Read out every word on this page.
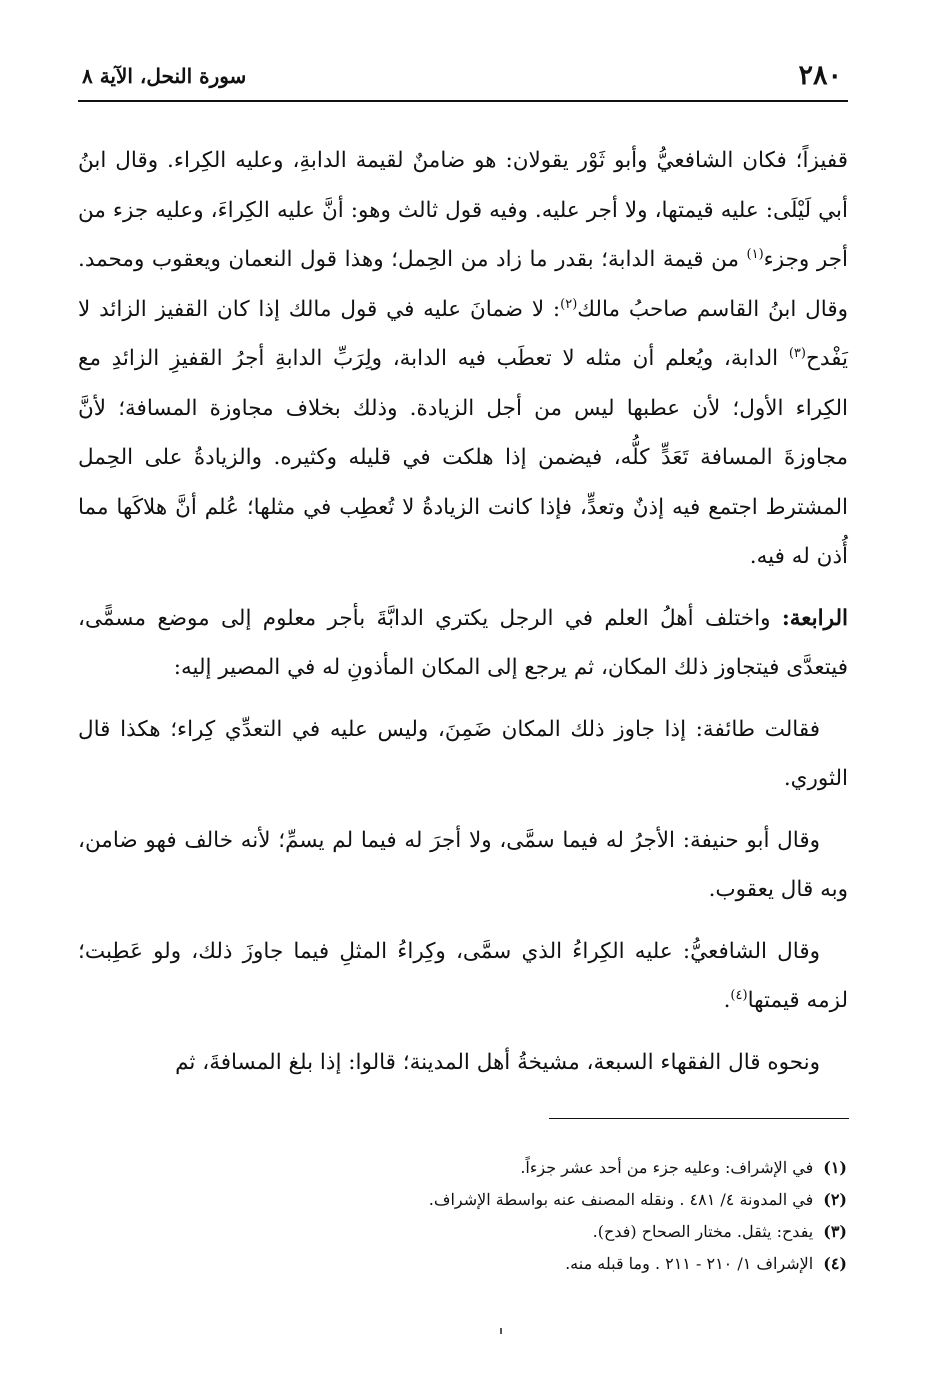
٢٨٠
سورة النحل، الآية ٨

قفيزاً؛ فكان الشافعيُّ وأبو ثَوْر يقولان: هو ضامنٌ لقيمة الدابةِ، وعليه الكِراء. وقال ابنُ أبي لَيْلَى: عليه قيمتها، ولا أجر عليه. وفيه قول ثالث وهو: أنَّ عليه الكِراءَ، وعليه جزء من أجر وجزء$^{(١)}$ من قيمة الدابة؛ بقدر ما زاد من الحِمل؛ وهذا قول النعمان ويعقوب ومحمد. وقال ابنُ القاسم صاحبُ مالك$^{(٢)}$: لا ضمانَ عليه في قول مالك إذا كان القفيز الزائد لا يَفْدح$^{(٣)}$ الدابة، ويُعلم أن مثله لا تعطَب فيه الدابة، ولِرَبِّ الدابةِ أجرُ القفيزِ الزائدِ مع الكِراء الأول؛ لأن عطبها ليس من أجل الزيادة. وذلك بخلاف مجاوزة المسافة؛ لأنَّ مجاوزةَ المسافة تَعَدٍّ كلُّه، فيضمن إذا هلكت في قليله وكثيره. والزيادةُ على الحِمل المشترط اجتمع فيه إذنٌ وتعدٍّ، فإذا كانت الزيادةُ لا تُعطِب في مثلها؛ عُلم أنَّ هلاكَها مما أُذن له فيه.

الرابعة: واختلف أهلُ العلم في الرجل يكتري الدابَّةَ بأجر معلوم إلى موضع مسمًّى، فيتعدَّى فيتجاوز ذلك المكان، ثم يرجع إلى المكان المأذونِ له في المصير إليه:

فقالت طائفة: إذا جاوز ذلك المكان ضَمِنَ، وليس عليه في التعدِّي كِراء؛ هكذا قال الثوري.

وقال أبو حنيفة: الأجرُ له فيما سمَّى، ولا أجرَ له فيما لم يسمِّ؛ لأنه خالف فهو ضامن، وبه قال يعقوب.

وقال الشافعيُّ: عليه الكِراءُ الذي سمَّى، وكِراءُ المثلِ فيما جاوزَ ذلك، ولو عَطِبت؛ لزمه قيمتها$^{(٤)}$.

ونحوه قال الفقهاء السبعة، مشيخةُ أهل المدينة؛ قالوا: إذا بلغ المسافةَ، ثم

(١)
في الإشراف: وعليه جزء من أحد عشر جزءاً.
(٢)
في المدونة ٤/ ٤٨١ . ونقله المصنف عنه بواسطة الإشراف.
(٣)
يفدح: يثقل. مختار الصحاح (فدح).
(٤)
الإشراف ١/ ٢١٠ - ٢١١ . وما قبله منه.
